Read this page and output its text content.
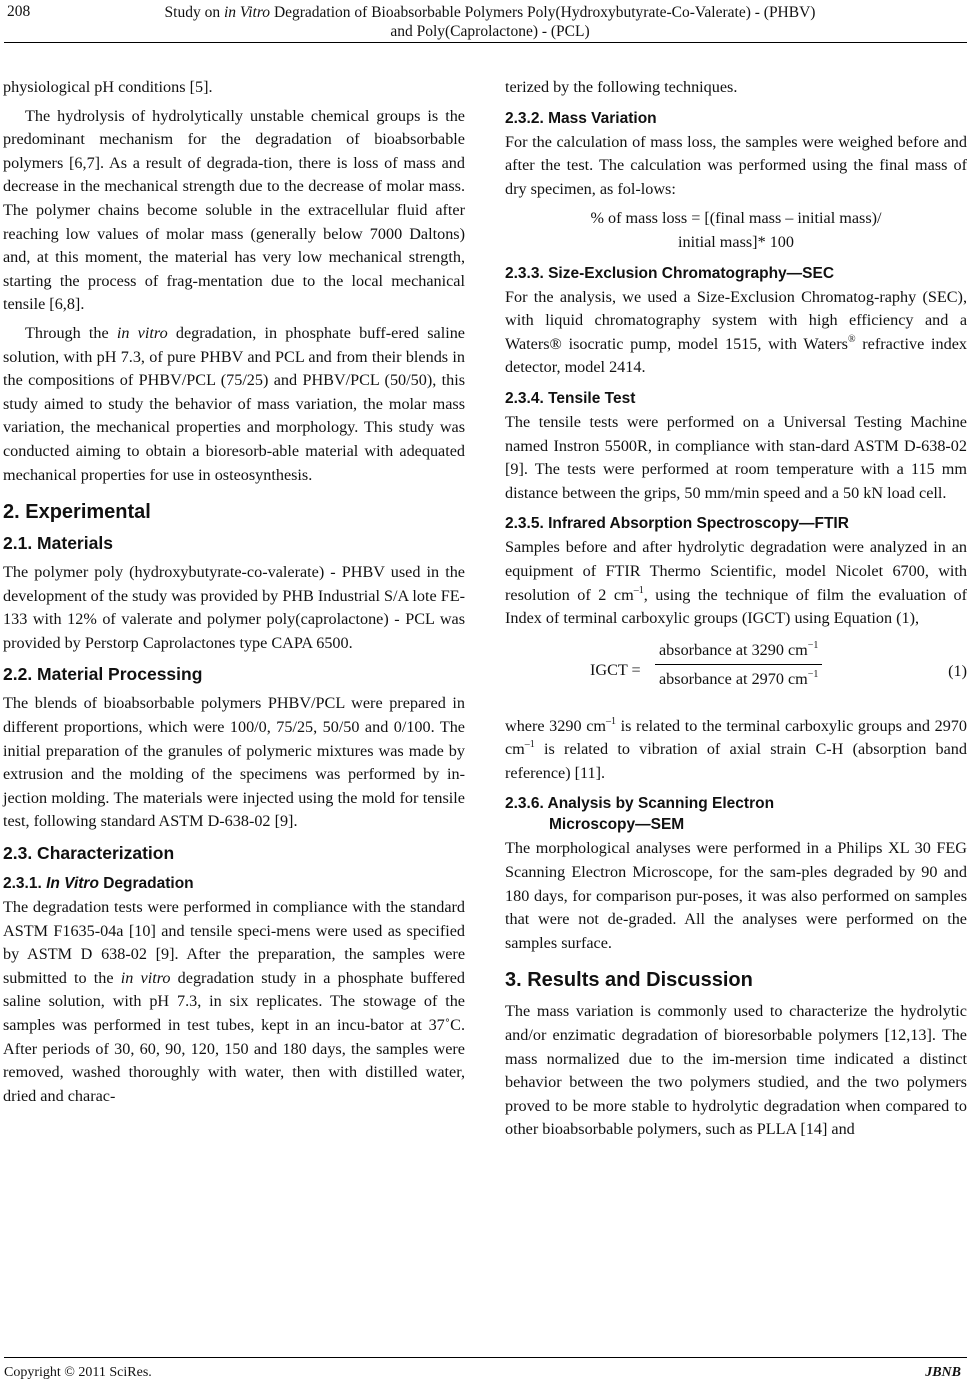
208	Study on in Vitro Degradation of Bioabsorbable Polymers Poly(Hydroxybutyrate-Co-Valerate) - (PHBV)
and Poly(Caprolactone) - (PCL)

physiological pH conditions [5].

The hydrolysis of hydrolytically unstable chemical groups is the predominant mechanism for the degradation of bioabsorbable polymers [6,7]. As a result of degrada-tion, there is loss of mass and decrease in the mechanical strength due to the decrease of molar mass. The polymer chains become soluble in the extracellular fluid after reaching low values of molar mass (generally below 7000 Daltons) and, at this moment, the material has very low mechanical strength, starting the process of frag-mentation due to the local mechanical tensile [6,8].

Through the in vitro degradation, in phosphate buff-ered saline solution, with pH 7.3, of pure PHBV and PCL and from their blends in the compositions of PHBV/PCL (75/25) and PHBV/PCL (50/50), this study aimed to study the behavior of mass variation, the molar mass variation, the mechanical properties and morphology. This study was conducted aiming to obtain a bioresorb-able material with adequated mechanical properties for use in osteosynthesis.

2. Experimental
2.1. Materials

The polymer poly (hydroxybutyrate-co-valerate) - PHBV used in the development of the study was provided by PHB Industrial S/A lote FE-133 with 12% of valerate and polymer poly(caprolactone) - PCL was provided by Perstorp Caprolactones type CAPA 6500.

2.2. Material Processing

The blends of bioabsorbable polymers PHBV/PCL were prepared in different proportions, which were 100/0, 75/25, 50/50 and 0/100. The initial preparation of the granules of polymeric mixtures was made by extrusion and the molding of the specimens was performed by in-jection molding. The materials were injected using the mold for tensile test, following standard ASTM D-638-02 [9].

2.3. Characterization
2.3.1. In Vitro Degradation

The degradation tests were performed in compliance with the standard ASTM F1635-04a [10] and tensile speci-mens were used as specified by ASTM D 638-02 [9]. After the preparation, the samples were submitted to the in vitro degradation study in a phosphate buffered saline solution, with pH 7.3, in six replicates. The stowage of the samples was performed in test tubes, kept in an incu-bator at 37˚C. After periods of 30, 60, 90, 120, 150 and 180 days, the samples were removed, washed thoroughly with water, then with distilled water, dried and charac-

terized by the following techniques.

2.3.2. Mass Variation

For the calculation of mass loss, the samples were weighed before and after the test. The calculation was performed using the final mass of dry specimen, as fol-lows:

% of mass loss = [(final mass – initial mass)/
initial mass]* 100

2.3.3. Size-Exclusion Chromatography—SEC

For the analysis, we used a Size-Exclusion Chromatog-raphy (SEC), with liquid chromatography system with high efficiency and a Waters® isocratic pump, model 1515, with Waters® refractive index detector, model 2414.

2.3.4. Tensile Test

The tensile tests were performed on a Universal Testing Machine named Instron 5500R, in compliance with stan-dard ASTM D-638-02 [9]. The tests were performed at room temperature with a 115 mm distance between the grips, 50 mm/min speed and a 50 kN load cell.

2.3.5. Infrared Absorption Spectroscopy—FTIR

Samples before and after hydrolytic degradation were analyzed in an equipment of FTIR Thermo Scientific, model Nicolet 6700, with resolution of 2 $cm^{-1}$, using the technique of film the evaluation of Index of terminal carboxylic groups (IGCT) using Equation (1),

IGCT =
absorbance at 3290 $cm^{-1}$
absorbance at 2970 $cm^{-1}$	(1)

where 3290 $cm^{-1}$ is related to the terminal carboxylic groups and 2970 $cm^{-1}$ is related to vibration of axial strain C-H (absorption band reference) [11].

2.3.6. Analysis by Scanning Electron
Microscopy—SEM

The morphological analyses were performed in a Philips XL 30 FEG Scanning Electron Microscope, for the sam-ples degraded by 90 and 180 days, for comparison pur-poses, it was also performed on samples that were not de-graded. All the analyses were performed on the samples surface.

3. Results and Discussion

The mass variation is commonly used to characterize the hydrolytic and/or enzimatic degradation of bioresorbable polymers [12,13]. The mass normalized due to the im-mersion time indicated a distinct behavior between the two polymers studied, and the two polymers proved to be more stable to hydrolytic degradation when compared to other bioabsorbable polymers, such as PLLA [14] and

Copyright © 2011 SciRes.	JBNB
